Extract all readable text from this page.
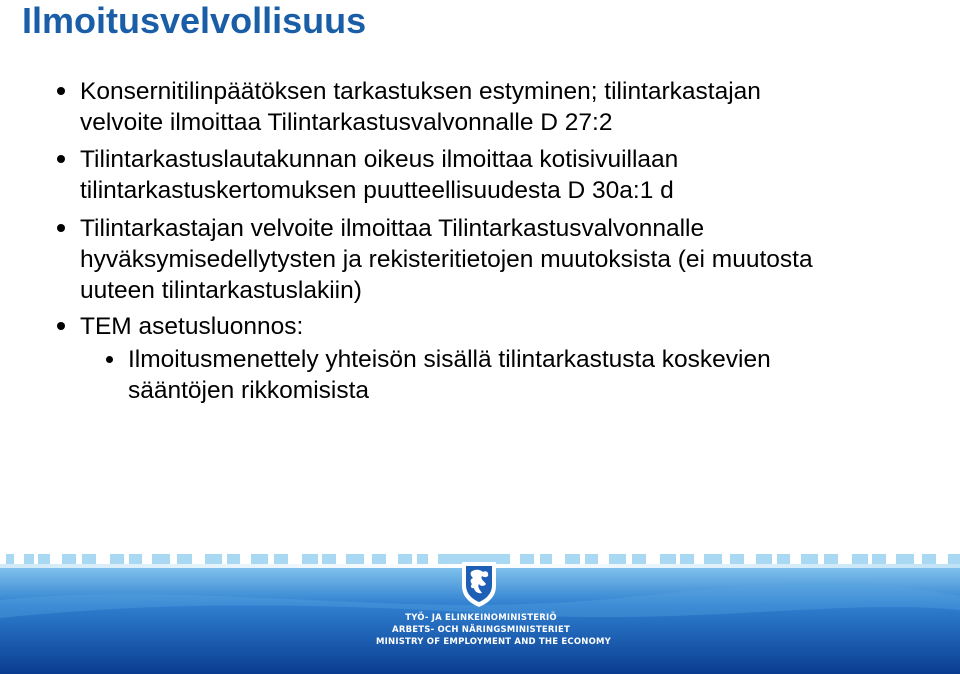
Ilmoitusvelvollisuus
Konsernitilinpäätöksen tarkastuksen estyminen; tilintarkastajan
velvoite ilmoittaa Tilintarkastusvalvonnalle D 27:2
Tilintarkastuslautakunnan oikeus ilmoittaa kotisivuillaan
tilintarkastuskertomuksen puutteellisuudesta D 30a:1 d
Tilintarkastajan velvoite ilmoittaa Tilintarkastusvalvonnalle
hyväksymisedellytysten ja rekisteritietojen muutoksista (ei muutosta
uuteen tilintarkastuslakiin)
TEM asetusluonnos:
Ilmoitusmenettely yhteisön sisällä tilintarkastusta koskevien
sääntöjen rikkomisista
TYÖ- JA ELINKEINOMINISTERIÖ
ARBETS- OCH NÄRINGSMINISTERIET
MINISTRY OF EMPLOYMENT AND THE ECONOMY
